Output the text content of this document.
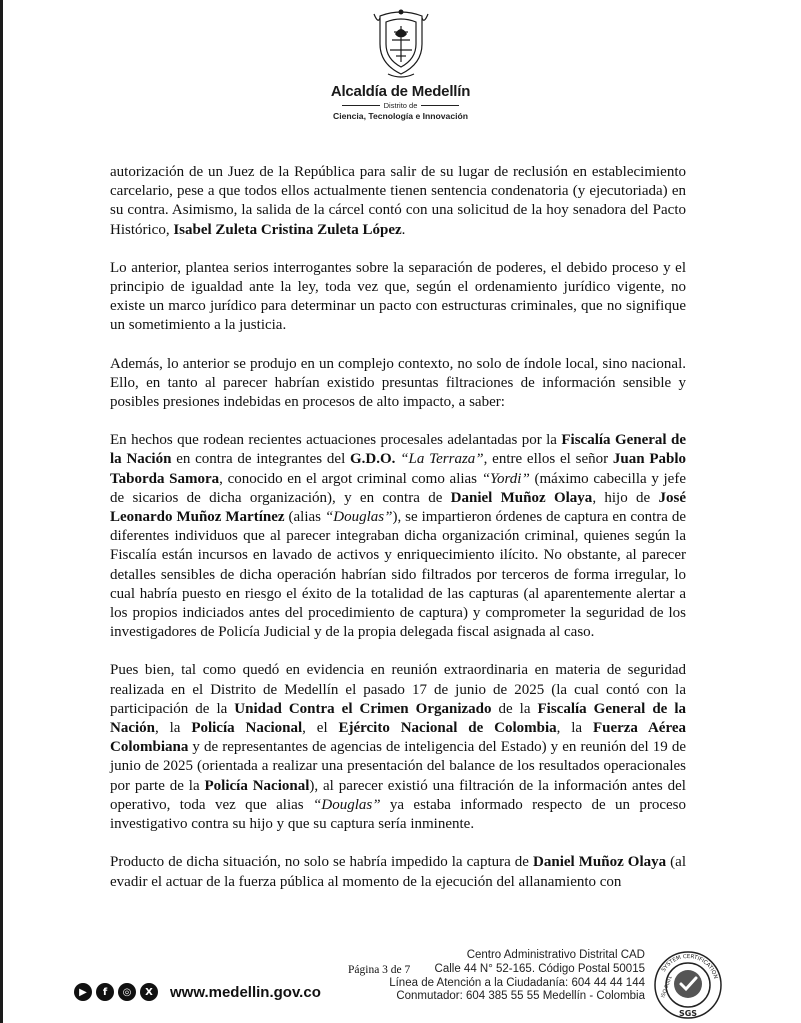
Alcaldía de Medellín
Distrito de
Ciencia, Tecnología e Innovación

autorización de un Juez de la República para salir de su lugar de reclusión en establecimiento carcelario, pese a que todos ellos actualmente tienen sentencia condenatoria (y ejecutoriada) en su contra. Asimismo, la salida de la cárcel contó con una solicitud de la hoy senadora del Pacto Histórico, Isabel Zuleta Cristina Zuleta López.

Lo anterior, plantea serios interrogantes sobre la separación de poderes, el debido proceso y el principio de igualdad ante la ley, toda vez que, según el ordenamiento jurídico vigente, no existe un marco jurídico para determinar un pacto con estructuras criminales, que no signifique un sometimiento a la justicia.

Además, lo anterior se produjo en un complejo contexto, no solo de índole local, sino nacional. Ello, en tanto al parecer habrían existido presuntas filtraciones de información sensible y posibles presiones indebidas en procesos de alto impacto, a saber:

En hechos que rodean recientes actuaciones procesales adelantadas por la Fiscalía General de la Nación en contra de integrantes del G.D.O. “La Terraza”, entre ellos el señor Juan Pablo Taborda Samora, conocido en el argot criminal como alias “Yordi” (máximo cabecilla y jefe de sicarios de dicha organización), y en contra de Daniel Muñoz Olaya, hijo de José Leonardo Muñoz Martínez (alias “Douglas”), se impartieron órdenes de captura en contra de diferentes individuos que al parecer integraban dicha organización criminal, quienes según la Fiscalía están incursos en lavado de activos y enriquecimiento ilícito. No obstante, al parecer detalles sensibles de dicha operación habrían sido filtrados por terceros de forma irregular, lo cual habría puesto en riesgo el éxito de la totalidad de las capturas (al aparentemente alertar a los propios indiciados antes del procedimiento de captura) y comprometer la seguridad de los investigadores de Policía Judicial y de la propia delegada fiscal asignada al caso.

Pues bien, tal como quedó en evidencia en reunión extraordinaria en materia de seguridad realizada en el Distrito de Medellín el pasado 17 de junio de 2025 (la cual contó con la participación de la Unidad Contra el Crimen Organizado de la Fiscalía General de la Nación, la Policía Nacional, el Ejército Nacional de Colombia, la Fuerza Aérea Colombiana y de representantes de agencias de inteligencia del Estado) y en reunión del 19 de junio de 2025 (orientada a realizar una presentación del balance de los resultados operacionales por parte de la Policía Nacional), al parecer existió una filtración de la información antes del operativo, toda vez que alias “Douglas” ya estaba informado respecto de un proceso investigativo contra su hijo y que su captura sería inminente.

Producto de dicha situación, no solo se habría impedido la captura de Daniel Muñoz Olaya (al evadir el actuar de la fuerza pública al momento de la ejecución del allanamiento con

▶	f	◎	X	www.medellin.gov.co
Página 3 de 7
Centro Administrativo Distrital CAD
Calle 44 N° 52-165. Código Postal 50015
Línea de Atención a la Ciudadanía: 604 44 44 144
Conmutador: 604 385 55 55 Medellín - Colombia
SYSTEM CERTIFICATION
ISO 9001
SGS
